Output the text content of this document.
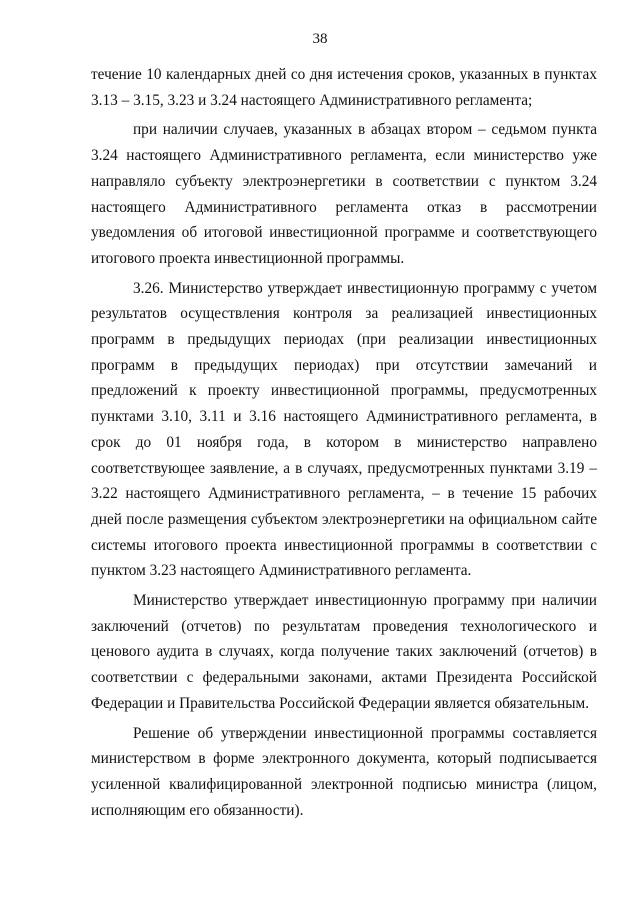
38

течение 10 календарных дней со дня истечения сроков, указанных в пунктах 3.13 – 3.15, 3.23 и 3.24 настоящего Административного регламента;

при наличии случаев, указанных в абзацах втором – седьмом пункта 3.24 настоящего Административного регламента, если министерство уже направляло субъекту электроэнергетики в соответствии с пунктом 3.24 настоящего Административного регламента отказ в рассмотрении уведомления об итоговой инвестиционной программе и соответствующего итогового проекта инвестиционной программы.

3.26. Министерство утверждает инвестиционную программу с учетом результатов осуществления контроля за реализацией инвестиционных программ в предыдущих периодах (при реализации инвестиционных программ в предыдущих периодах) при отсутствии замечаний и предложений к проекту инвестиционной программы, предусмотренных пунктами 3.10, 3.11 и 3.16 настоящего Административного регламента, в срок до 01 ноября года, в котором в министерство направлено соответствующее заявление, а в случаях, предусмотренных пунктами 3.19 – 3.22 настоящего Административного регламента, – в течение 15 рабочих дней после размещения субъектом электроэнергетики на официальном сайте системы итогового проекта инвестиционной программы в соответствии с пунктом 3.23 настоящего Административного регламента.

Министерство утверждает инвестиционную программу при наличии заключений (отчетов) по результатам проведения технологического и ценового аудита в случаях, когда получение таких заключений (отчетов) в соответствии с федеральными законами, актами Президента Российской Федерации и Правительства Российской Федерации является обязательным.

Решение об утверждении инвестиционной программы составляется министерством в форме электронного документа, который подписывается усиленной квалифицированной электронной подписью министра (лицом, исполняющим его обязанности).
